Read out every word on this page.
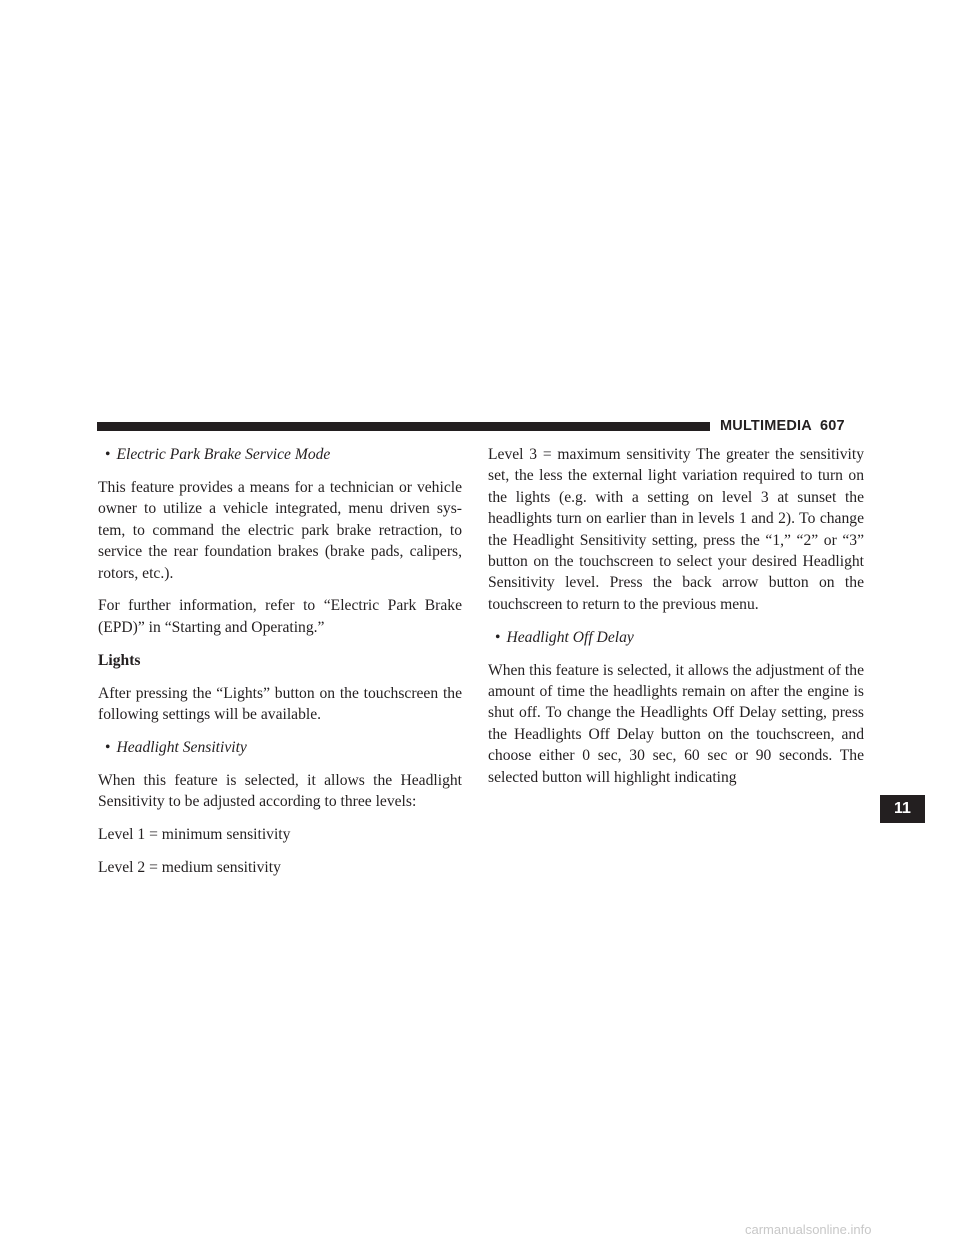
MULTIMEDIA 607
• Electric Park Brake Service Mode

This feature provides a means for a technician or vehicle owner to utilize a vehicle integrated, menu driven sys- tem, to command the electric park brake retraction, to service the rear foundation brakes (brake pads, calipers, rotors, etc.).

For further information, refer to “Electric Park Brake (EPD)” in “Starting and Operating.”

Lights

After pressing the “Lights” button on the touchscreen the following settings will be available.

• Headlight Sensitivity

When this feature is selected, it allows the Headlight Sensitivity to be adjusted according to three levels:

Level 1 = minimum sensitivity

Level 2 = medium sensitivity

Level 3 = maximum sensitivity The greater the sensitivity set, the less the external light variation required to turn on the lights (e.g. with a setting on level 3 at sunset the headlights turn on earlier than in levels 1 and 2). To change the Headlight Sensitivity setting, press the “1,” “2” or “3” button on the touchscreen to select your desired Headlight Sensitivity level. Press the back arrow button on the touchscreen to return to the previous menu.

• Headlight Off Delay

When this feature is selected, it allows the adjustment of the amount of time the headlights remain on after the engine is shut off. To change the Headlights Off Delay setting, press the Headlights Off Delay button on the touchscreen, and choose either 0 sec, 30 sec, 60 sec or 90 seconds. The selected button will highlight indicating

11
carmanualsonline.info
